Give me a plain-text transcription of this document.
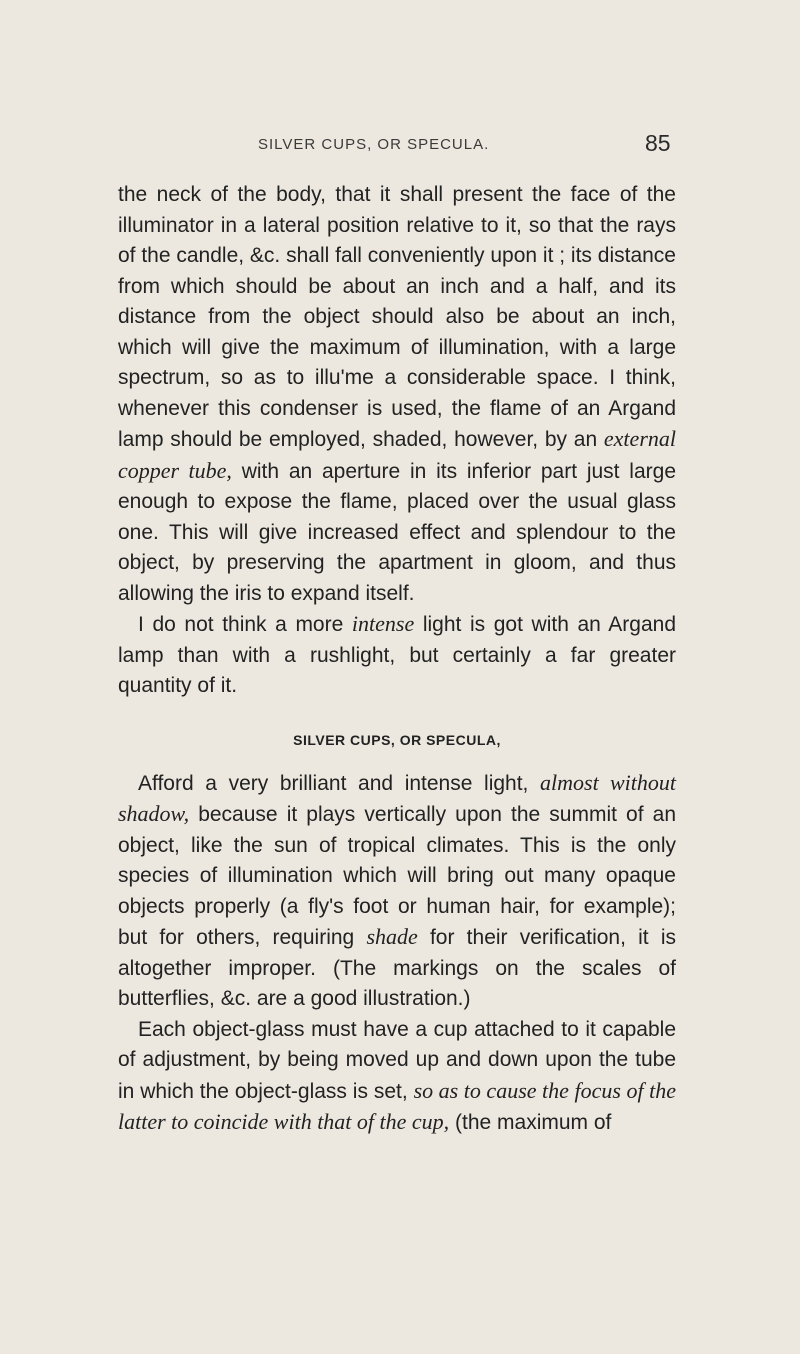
SILVER CUPS, OR SPECULA.	85

the neck of the body, that it shall present the face of the illuminator in a lateral position relative to it, so that the rays of the candle, &c. shall fall conveniently upon it ; its distance from which should be about an inch and a half, and its distance from the object should also be about an inch, which will give the maximum of illumination, with a large spectrum, so as to illu'me a considerable space. I think, whenever this condenser is used, the flame of an Argand lamp should be employed, shaded, however, by an external copper tube, with an aperture in its inferior part just large enough to expose the flame, placed over the usual glass one. This will give increased effect and splendour to the object, by preserving the apartment in gloom, and thus allowing the iris to expand itself.

I do not think a more intense light is got with an Argand lamp than with a rushlight, but certainly a far greater quantity of it.

SILVER CUPS, OR SPECULA,

Afford a very brilliant and intense light, almost without shadow, because it plays vertically upon the summit of an object, like the sun of tropical climates. This is the only species of illumination which will bring out many opaque objects properly (a fly's foot or human hair, for example); but for others, requiring shade for their verification, it is altogether improper. (The markings on the scales of butterflies, &c. are a good illustration.)

Each object-glass must have a cup attached to it capable of adjustment, by being moved up and down upon the tube in which the object-glass is set, so as to cause the focus of the latter to coincide with that of the cup, (the maximum of
